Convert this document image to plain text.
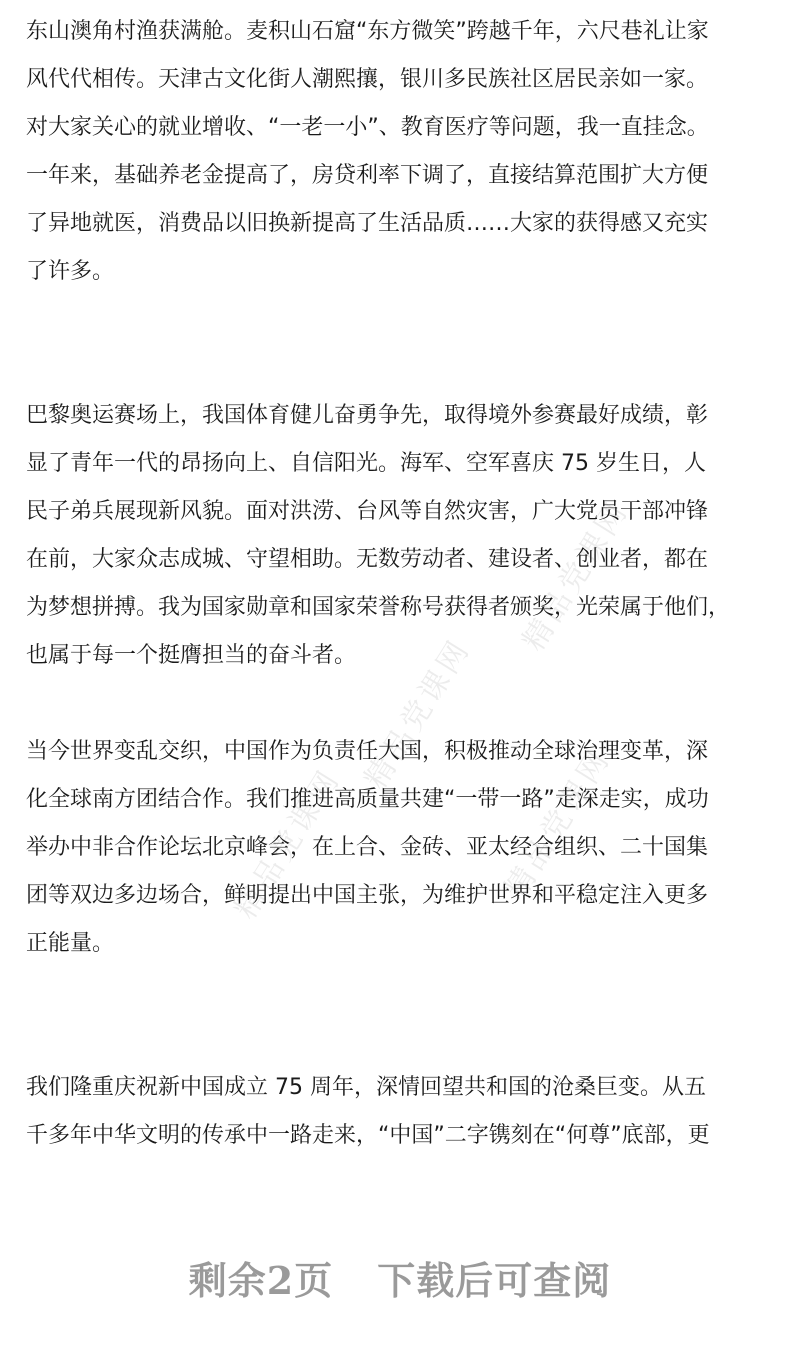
精品党课网
精品党课网
精品党课网	精品党课网

东山澳角村渔获满舱。麦积山石窟“东方微笑”跨越千年，六尺巷礼让家
风代代相传。天津古文化街人潮熙攘，银川多民族社区居民亲如一家。
对大家关心的就业增收、“一老一小”、教育医疗等问题，我一直挂念。
一年来，基础养老金提高了，房贷利率下调了，直接结算范围扩大方便
了异地就医，消费品以旧换新提高了生活品质……大家的获得感又充实
了许多。

巴黎奥运赛场上，我国体育健儿奋勇争先，取得境外参赛最好成绩，彰
显了青年一代的昂扬向上、自信阳光。海军、空军喜庆 75 岁生日，人
民子弟兵展现新风貌。面对洪涝、台风等自然灾害，广大党员干部冲锋
在前，大家众志成城、守望相助。无数劳动者、建设者、创业者，都在
为梦想拼搏。我为国家勋章和国家荣誉称号获得者颁奖，光荣属于他们，
也属于每一个挺膺担当的奋斗者。

当今世界变乱交织，中国作为负责任大国，积极推动全球治理变革，深
化全球南方团结合作。我们推进高质量共建“一带一路”走深走实，成功
举办中非合作论坛北京峰会，在上合、金砖、亚太经合组织、二十国集
团等双边多边场合，鲜明提出中国主张，为维护世界和平稳定注入更多
正能量。

我们隆重庆祝新中国成立 75 周年，深情回望共和国的沧桑巨变。从五
千多年中华文明的传承中一路走来，“中国”二字镌刻在“何尊”底部，更

剩余2页 下载后可查阅
